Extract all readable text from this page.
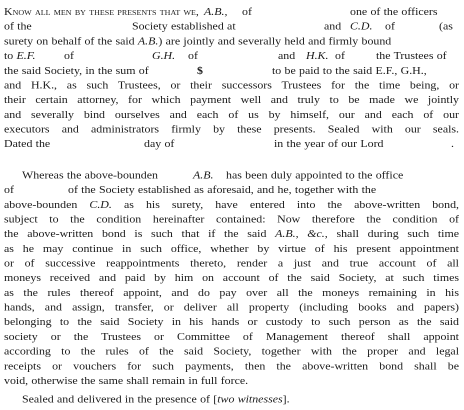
Know all men by these presents that we, A.B., of	one of the officers
of the	Society established at	and C.D. of	(as
surety on behalf of the said A.B.) are jointly and severally held and firmly bound
to E.F. of	G.H. of	and H.K. of	the Trustees of
the said Society, in the sum of	$	to be paid to the said E.F., G.H.,
and H.K., as such Trustees, or their successors Trustees for the time being, or
their certain attorney, for which payment well and truly to be made we jointly
and severally bind ourselves and each of us by himself, our and each of our
executors and administrators firmly by these presents. Sealed with our seals.
Dated the	day of	in the year of our Lord	.
Whereas the above-bounden	A.B. has been duly appointed to the office
of	of the Society established as aforesaid, and he, together with the
above-bounden C.D. as his surety, have entered into the above-written bond,
subject to the condition hereinafter contained: Now therefore the condition of
the above-written bond is such that if the said A.B., &c., shall during such time
as he may continue in such office, whether by virtue of his present appointment
or of successive reappointments thereto, render a just and true account of all
moneys received and paid by him on account of the said Society, at such times
as the rules thereof appoint, and do pay over all the moneys remaining in his
hands, and assign, transfer, or deliver all property (including books and papers)
belonging to the said Society in his hands or custody to such person as the said
society or the Trustees or Committee of Management thereof shall appoint
according to the rules of the said Society, together with the proper and legal
receipts or vouchers for such payments, then the above-written bond shall be
void, otherwise the same shall remain in full force.
Sealed and delivered in the presence of [two witnesses].
